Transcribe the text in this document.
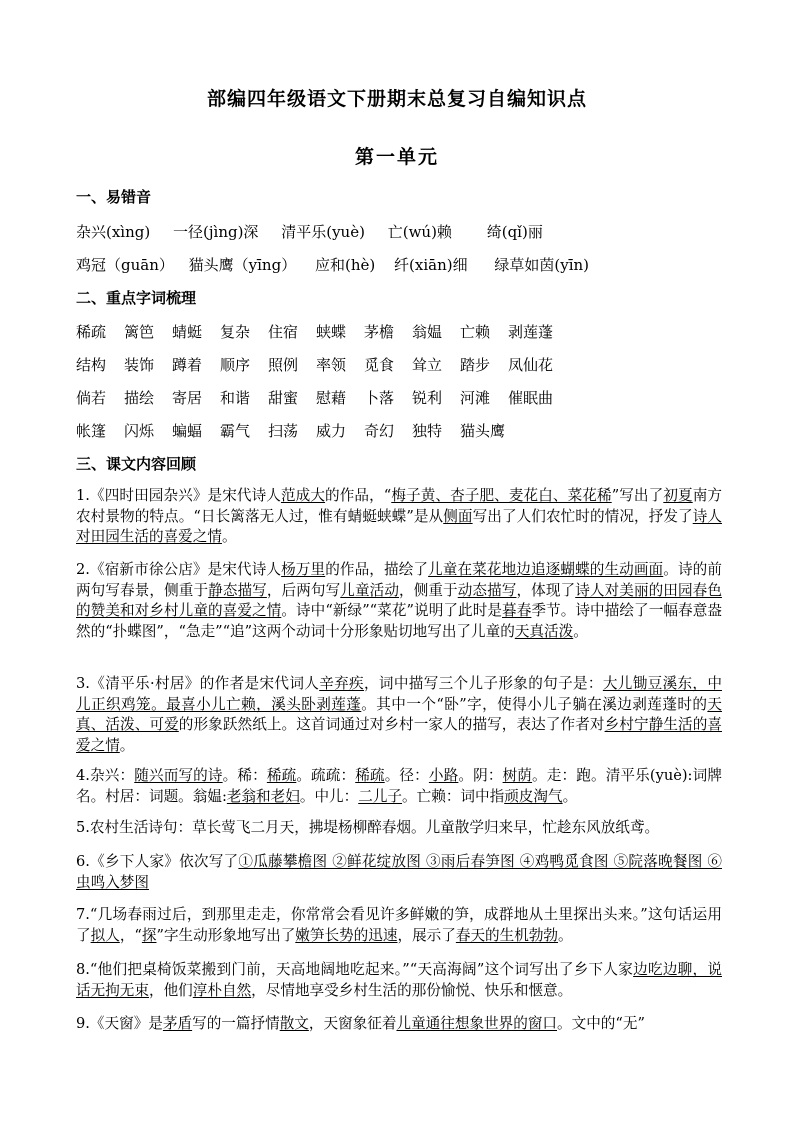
部编四年级语文下册期末总复习自编知识点
第一单元
一、易错音
杂兴(xìng) 一径(jìng)深 清平乐(yuè) 亡(wú)赖 绮(qǐ)丽
鸡冠（guān） 猫头鹰（yīng） 应和(hè) 纤(xiān)细 绿草如茵(yīn)
二、重点字词梳理
稀疏 篱笆 蜻蜓 复杂 住宿 蛱蝶 茅檐 翁媪 亡赖 剥莲蓬
结构 装饰 蹲着 顺序 照例 率领 觅食 耸立 踏步 凤仙花
倘若 描绘 寄居 和谐 甜蜜 慰藉 卜落 锐利 河滩 催眠曲
帐篷 闪烁 蝙蝠 霸气 扫荡 威力 奇幻 独特 猫头鹰
三、课文内容回顾
1.《四时田园杂兴》是宋代诗人范成大的作品，“梅子黄、杏子肥、麦花白、菜花稀”写出了初夏南方农村景物的特点。“日长篱落无人过，惟有蜻蜓蛱蝶”是从侧面写出了人们农忙时的情况，抒发了诗人对田园生活的喜爱之情。
2.《宿新市徐公店》是宋代诗人杨万里的作品，描绘了儿童在菜花地边追逐蝴蝶的生动画面。诗的前两句写春景，侧重于静态描写，后两句写儿童活动，侧重于动态描写，体现了诗人对美丽的田园春色的赞美和对乡村儿童的喜爱之情。诗中“新绿”“菜花”说明了此时是暮春季节。诗中描绘了一幅春意盎然的“扑蝶图”，“急走”“追”这两个动词十分形象贴切地写出了儿童的天真活泼。
3.《清平乐·村居》的作者是宋代词人辛弃疾，词中描写三个儿子形象的句子是：大儿锄豆溪东，中儿正织鸡笼。最喜小儿亡赖，溪头卧剥莲蓬。其中一个“卧”字，使得小儿子躺在溪边剥莲蓬时的天真、活泼、可爱的形象跃然纸上。这首词通过对乡村一家人的描写，表达了作者对乡村宁静生活的喜爱之情。
4.杂兴：随兴而写的诗。稀：稀疏。疏疏：稀疏。径：小路。阴：树荫。走：跑。清平乐(yuè):词牌名。村居：词题。翁媪:老翁和老妇。中儿：二儿子。亡赖：词中指顽皮淘气。
5.农村生活诗句：草长莺飞二月天，拂堤杨柳醉春烟。儿童散学归来早，忙趁东风放纸鸢。
6.《乡下人家》依次写了①瓜藤攀檐图 ②鲜花绽放图 ③雨后春笋图 ④鸡鸭觅食图 ⑤院落晚餐图 ⑥虫鸣入梦图
7.“几场春雨过后，到那里走走，你常常会看见许多鲜嫩的笋，成群地从土里探出头来。”这句话运用了拟人，“探”字生动形象地写出了嫩笋长势的迅速，展示了春天的生机勃勃。
8.“他们把桌椅饭菜搬到门前，天高地阔地吃起来。”“天高海阔”这个词写出了乡下人家边吃边聊，说话无拘无束，他们淳朴自然，尽情地享受乡村生活的那份愉悦、快乐和惬意。
9.《天窗》是茅盾写的一篇抒情散文，天窗象征着儿童通往想象世界的窗口。文中的“无”
